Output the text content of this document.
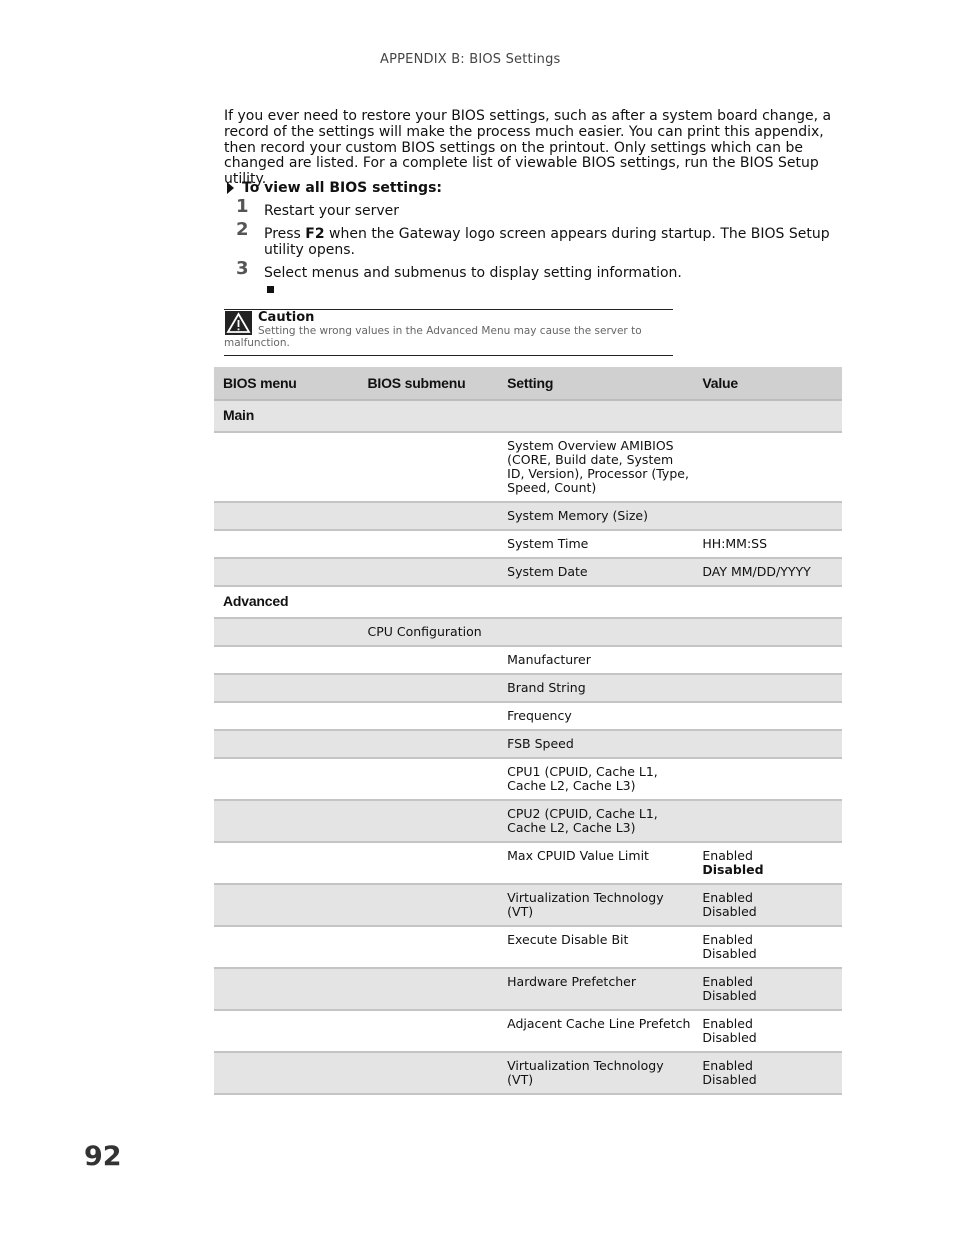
APPENDIX B: BIOS Settings

If you ever need to restore your BIOS settings, such as after a system board change, a record of the settings will make the process much easier. You can print this appendix, then record your custom BIOS settings on the printout. Only settings which can be changed are listed. For a complete list of viewable BIOS settings, run the BIOS Setup utility.

To view all BIOS settings:
1 Restart your server
2 Press F2 when the Gateway logo screen appears during startup. The BIOS Setup utility opens.
3 Select menus and submenus to display setting information.
Caution
Setting the wrong values in the Advanced Menu may cause the server to malfunction.
BIOS menu	BIOS submenu	Setting	Value
Main			

		System Overview AMIBIOS (CORE, Build date, System ID, Version), Processor (Type, Speed, Count)	

		System Memory (Size)	

		System Time	HH:MM:SS

		System Date	DAY MM/DD/YYYY

Advanced			

	CPU Configuration		

		Manufacturer	

		Brand String	

		Frequency	

		FSB Speed	

		CPU1 (CPUID, Cache L1, Cache L2, Cache L3)	

		CPU2 (CPUID, Cache L1, Cache L2, Cache L3)	

		Max CPUID Value Limit	Enabled
Disabled

		Virtualization Technology (VT)	Enabled
Disabled

		Execute Disable Bit	Enabled
Disabled

		Hardware Prefetcher	Enabled
Disabled

		Adjacent Cache Line Prefetch	Enabled
Disabled

		Virtualization Technology (VT)	Enabled
Disabled
92
